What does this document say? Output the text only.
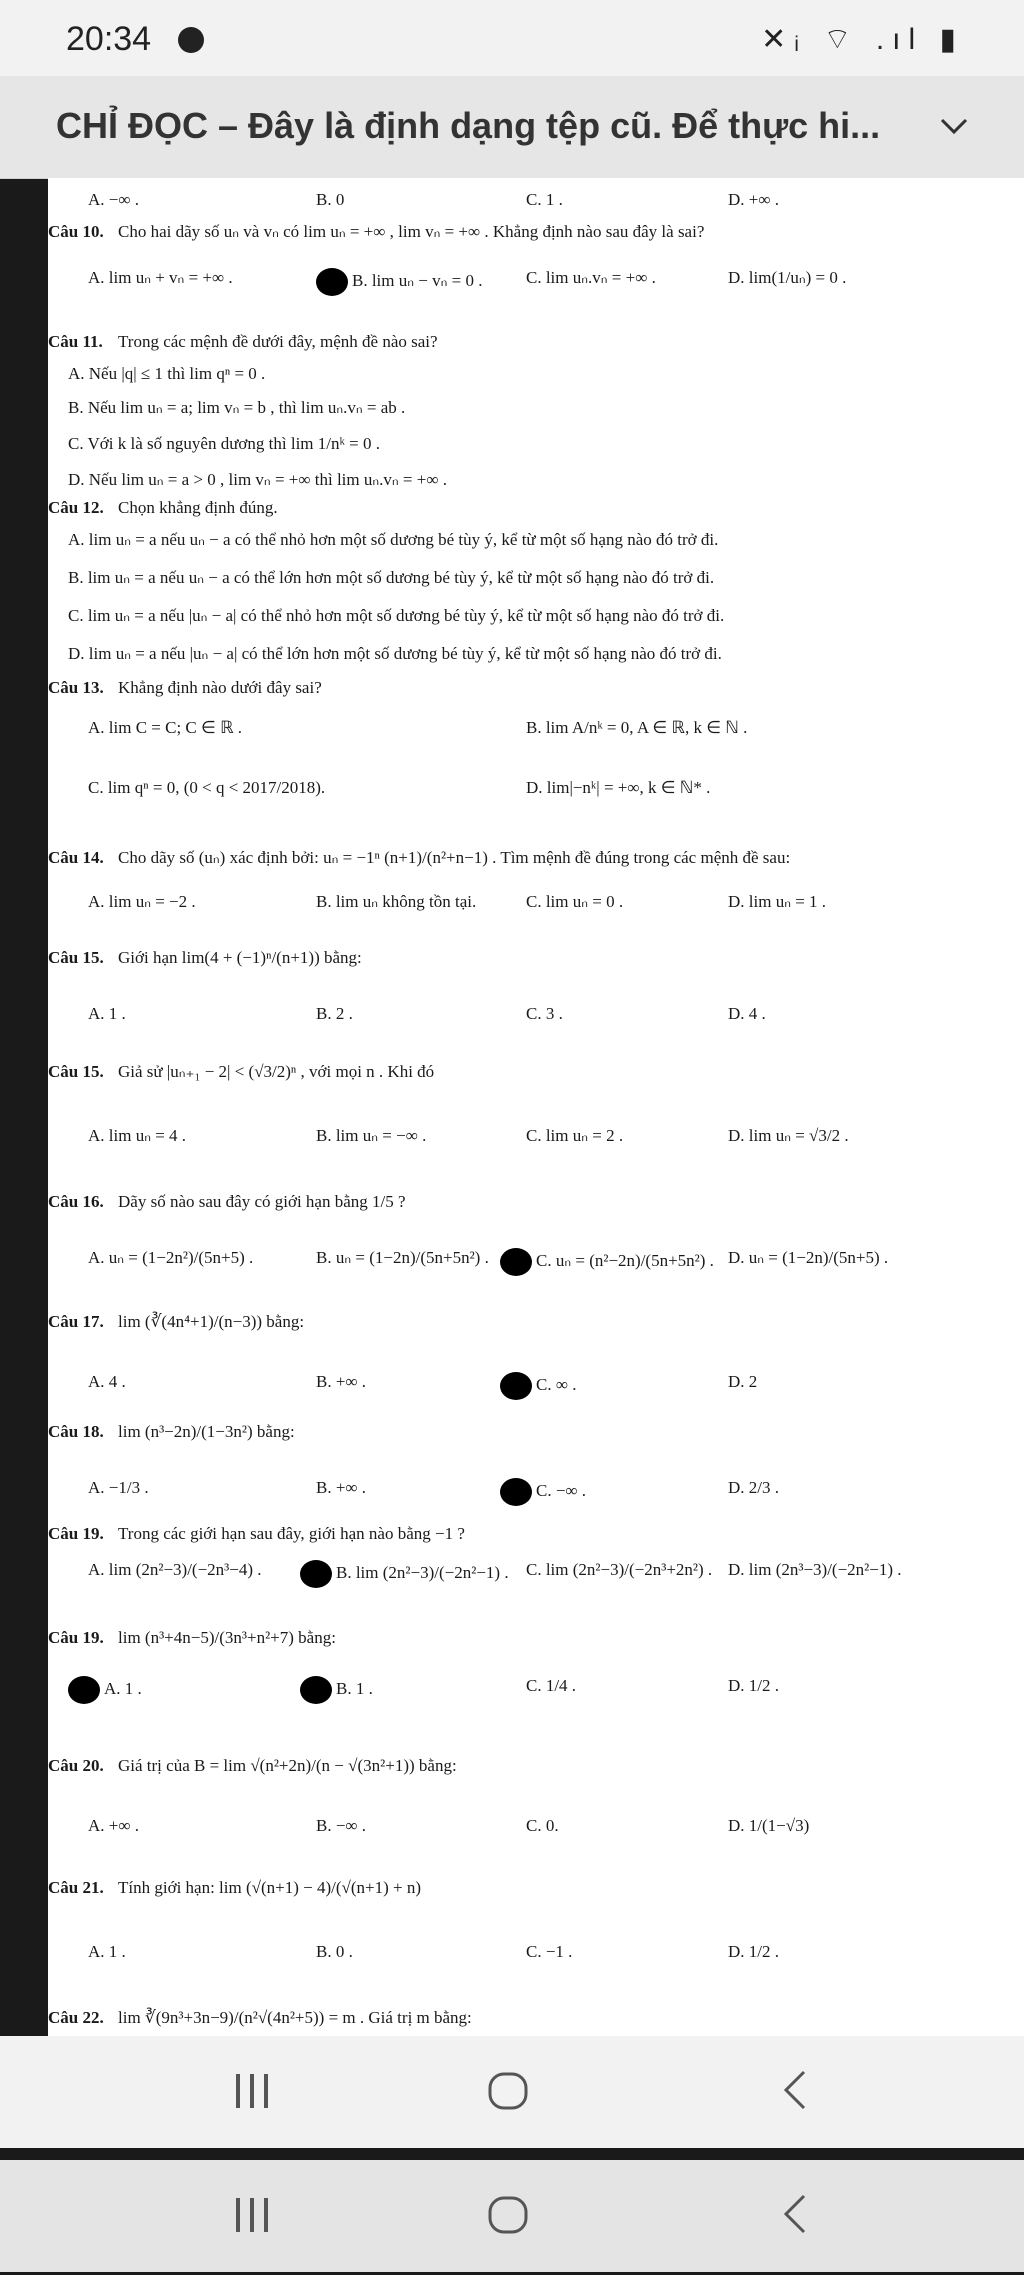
20:34	✕ᵢ ⌔ .ıl ▮
CHỈ ĐỌC – Đây là định dạng tệp cũ. Để thực hi...
A. −∞ .	B. 0	C. 1 .	D. +∞ .
Câu 10. Cho hai dãy số uₙ và vₙ có lim uₙ = +∞ , lim vₙ = +∞ . Khẳng định nào sau đây là sai?
A. lim uₙ + vₙ = +∞ .	B. lim uₙ − vₙ = 0 .	C. lim uₙ.vₙ = +∞ .	D. lim(1/uₙ) = 0 .
Câu 11. Trong các mệnh đề dưới đây, mệnh đề nào sai?
A. Nếu |q| ≤ 1 thì lim qⁿ = 0 .
B. Nếu lim uₙ = a; lim vₙ = b , thì lim uₙ.vₙ = ab .
C. Với k là số nguyên dương thì lim 1/nᵏ = 0 .
D. Nếu lim uₙ = a > 0 , lim vₙ = +∞ thì lim uₙ.vₙ = +∞ .
Câu 12. Chọn khẳng định đúng.
A. lim uₙ = a nếu uₙ − a có thể nhỏ hơn một số dương bé tùy ý, kể từ một số hạng nào đó trở đi.
B. lim uₙ = a nếu uₙ − a có thể lớn hơn một số dương bé tùy ý, kể từ một số hạng nào đó trở đi.
C. lim uₙ = a nếu |uₙ − a| có thể nhỏ hơn một số dương bé tùy ý, kể từ một số hạng nào đó trở đi.
D. lim uₙ = a nếu |uₙ − a| có thể lớn hơn một số dương bé tùy ý, kể từ một số hạng nào đó trở đi.
Câu 13. Khẳng định nào dưới đây sai?
A. lim C = C; C ∈ ℝ .	B. lim A/nᵏ = 0, A ∈ ℝ, k ∈ ℕ .
C. lim qⁿ = 0, (0 < q < 2017/2018).	D. lim|−nᵏ| = +∞, k ∈ ℕ* .
Câu 14. Cho dãy số (uₙ) xác định bởi: uₙ = −1ⁿ (n+1)/(n²+n−1) . Tìm mệnh đề đúng trong các mệnh đề sau:
A. lim uₙ = −2 .	B. lim uₙ không tồn tại.	C. lim uₙ = 0 .	D. lim uₙ = 1 .
Câu 15. Giới hạn lim(4 + (−1)ⁿ/(n+1)) bằng:
A. 1 .	B. 2 .	C. 3 .	D. 4 .
Câu 15. Giả sử |uₙ₊₁ − 2| < (√3/2)ⁿ , với mọi n . Khi đó
A. lim uₙ = 4 .	B. lim uₙ = −∞ .	C. lim uₙ = 2 .	D. lim uₙ = √3/2 .
Câu 16. Dãy số nào sau đây có giới hạn bằng 1/5 ?
A. uₙ = (1−2n²)/(5n+5) .	B. uₙ = (1−2n)/(5n+5n²) .	C. uₙ = (n²−2n)/(5n+5n²) . D. uₙ = (1−2n)/(5n+5) .
Câu 17. lim (∛(4n⁴+1)/(n−3)) bằng:
A. 4 .	B. +∞ .	C. ∞ .	D. 2
Câu 18. lim (n³−2n)/(1−3n²) bằng:
A. −1/3 .	B. +∞ .	C. −∞ .	D. 2/3 .
Câu 19. Trong các giới hạn sau đây, giới hạn nào bằng −1 ?
A. lim (2n²−3)/(−2n³−4) .	B. lim (2n²−3)/(−2n²−1) . C. lim (2n²−3)/(−2n³+2n²) . D. lim (2n³−3)/(−2n²−1) .
Câu 19. lim (n³+4n−5)/(3n³+n²+7) bằng:
A. 1 .	B. 1 .	C. 1/4 .	D. 1/2 .
Câu 20. Giá trị của B = lim √(n²+2n)/(n − √(3n²+1)) bằng:
A. +∞ .	B. −∞ .	C. 0.	D. 1/(1−√3)
Câu 21. Tính giới hạn: lim (√(n+1) − 4)/(√(n+1) + n)
A. 1 .	B. 0 .	C. −1 .	D. 1/2 .
Câu 22. lim ∛(9n³+3n−9)/(n²√(4n²+5)) = m . Giá trị m bằng:
